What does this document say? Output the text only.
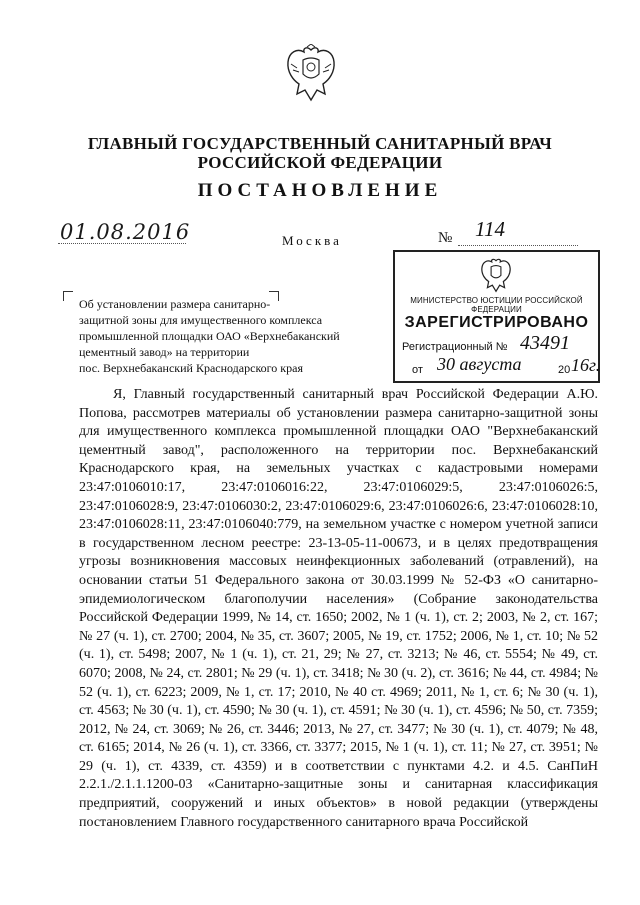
ГЛАВНЫЙ ГОСУДАРСТВЕННЫЙ САНИТАРНЫЙ ВРАЧ
РОССИЙСКОЙ ФЕДЕРАЦИИ
ПОСТАНОВЛЕНИЕ
01.08.2016	Москва	№ 114
МИНИСТЕРСТВО ЮСТИЦИИ РОССИЙСКОЙ ФЕДЕРАЦИИ
ЗАРЕГИСТРИРОВАНО
Регистрационный № 43491
от 30 августа	20 16г.
Об установлении размера санитарно-
защитной зоны для имущественного комплекса
промышленной площадки ОАО «Верхнебаканский
цементный завод» на территории
пос. Верхнебаканский Краснодарского края
Я, Главный государственный санитарный врач Российской Федерации А.Ю. Попова, рассмотрев материалы об установлении размера санитарно-защитной зоны для имущественного комплекса промышленной площадки ОАО "Верхнебаканский цементный завод", расположенного на территории пос. Верхнебаканский Краснодарского края, на земельных участках с кадастровыми номерами 23:47:0106010:17, 23:47:0106016:22, 23:47:0106029:5, 23:47:0106026:5, 23:47:0106028:9, 23:47:0106030:2, 23:47:0106029:6, 23:47:0106026:6, 23:47:0106028:10, 23:47:0106028:11, 23:47:0106040:779, на земельном участке с номером учетной записи в государственном лесном реестре: 23-13-05-11-00673, и в целях предотвращения угрозы возникновения массовых неинфекционных заболеваний (отравлений), на основании статьи 51 Федерального закона от 30.03.1999 № 52-ФЗ «О санитарно-эпидемиологическом благополучии населения» (Собрание законодательства Российской Федерации 1999, № 14, ст. 1650; 2002, № 1 (ч. 1), ст. 2; 2003, № 2, ст. 167; № 27 (ч. 1), ст. 2700; 2004, № 35, ст. 3607; 2005, № 19, ст. 1752; 2006, № 1, ст. 10; № 52 (ч. 1), ст. 5498; 2007, № 1 (ч. 1), ст. 21, 29; № 27, ст. 3213; № 46, ст. 5554; № 49, ст. 6070; 2008, № 24, ст. 2801; № 29 (ч. 1), ст. 3418; № 30 (ч. 2), ст. 3616; № 44, ст. 4984; № 52 (ч. 1), ст. 6223; 2009, № 1, ст. 17; 2010, № 40 ст. 4969; 2011, № 1, ст. 6; № 30 (ч. 1), ст. 4563; № 30 (ч. 1), ст. 4590; № 30 (ч. 1), ст. 4591; № 30 (ч. 1), ст. 4596; № 50, ст. 7359; 2012, № 24, ст. 3069; № 26, ст. 3446; 2013, № 27, ст. 3477; № 30 (ч. 1), ст. 4079; № 48, ст. 6165; 2014, № 26 (ч. 1), ст. 3366, ст. 3377; 2015, № 1 (ч. 1), ст. 11; № 27, ст. 3951; № 29 (ч. 1), ст. 4339, ст. 4359) и в соответствии с пунктами 4.2. и 4.5. СанПиН 2.2.1./2.1.1.1200-03 «Санитарно-защитные зоны и санитарная классификация предприятий, сооружений и иных объектов» в новой редакции (утверждены постановлением Главного государственного санитарного врача Российской
